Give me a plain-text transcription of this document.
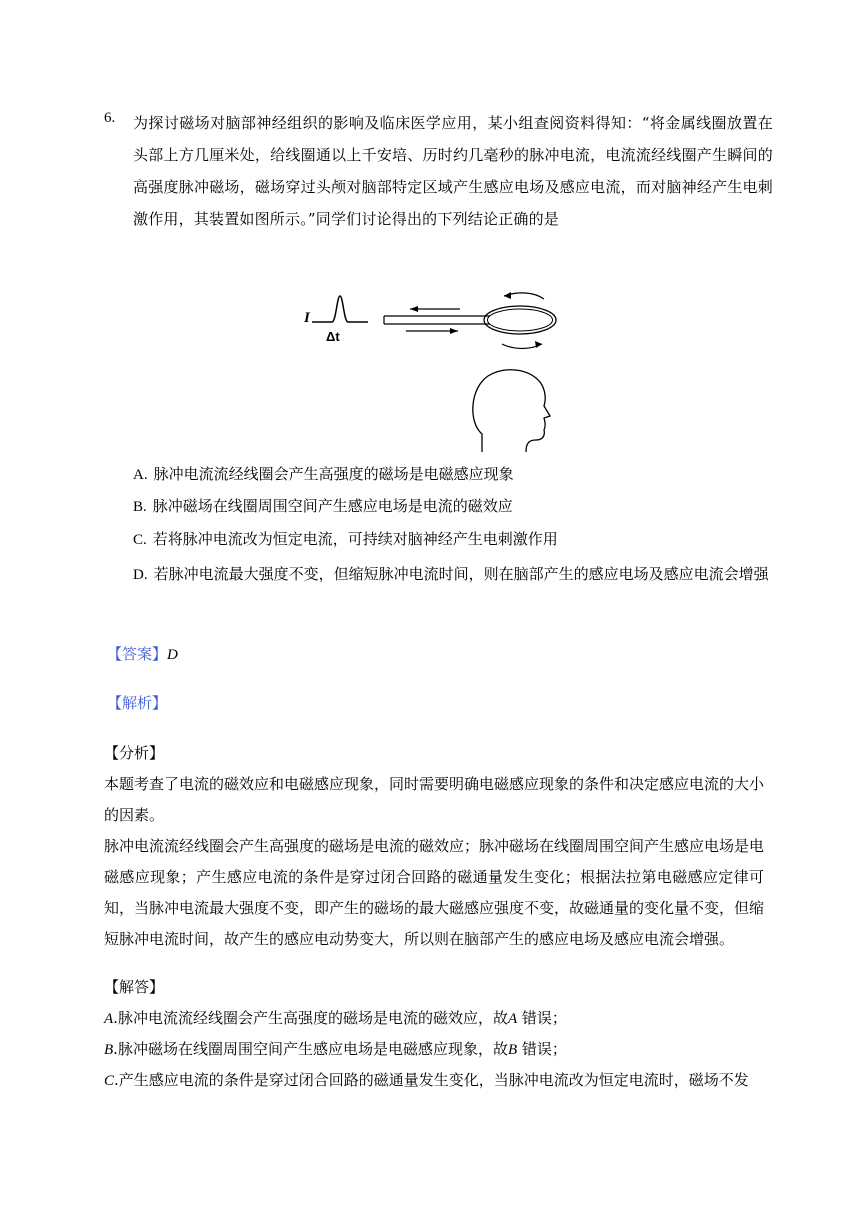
6. 为探讨磁场对脑部神经组织的影响及临床医学应用，某小组查阅资料得知：“将金属线圈放置在头部上方几厘米处，给线圈通以上千安培、历时约几毫秒的脉冲电流，电流流经线圈产生瞬间的高强度脉冲磁场，磁场穿过头颅对脑部特定区域产生感应电场及感应电流，而对脑神经产生电刺激作用，其装置如图所示。”同学们讨论得出的下列结论正确的是
I
Δt
A. 脉冲电流流经线圈会产生高强度的磁场是电磁感应现象
B. 脉冲磁场在线圈周围空间产生感应电场是电流的磁效应
C. 若将脉冲电流改为恒定电流，可持续对脑神经产生电刺激作用
D. 若脉冲电流最大强度不变，但缩短脉冲电流时间，则在脑部产生的感应电场及感应电流会增强
【答案】D
【解析】
【分析】
本题考查了电流的磁效应和电磁感应现象，同时需要明确电磁感应现象的条件和决定感应电流的大小的因素。
脉冲电流流经线圈会产生高强度的磁场是电流的磁效应；脉冲磁场在线圈周围空间产生感应电场是电磁感应现象；产生感应电流的条件是穿过闭合回路的磁通量发生变化；根据法拉第电磁感应定律可知，当脉冲电流最大强度不变，即产生的磁场的最大磁感应强度不变，故磁通量的变化量不变，但缩短脉冲电流时间，故产生的感应电动势变大，所以则在脑部产生的感应电场及感应电流会增强。
【解答】
A.脉冲电流流经线圈会产生高强度的磁场是电流的磁效应，故A 错误；
B.脉冲磁场在线圈周围空间产生感应电场是电磁感应现象，故B 错误；
C.产生感应电流的条件是穿过闭合回路的磁通量发生变化，当脉冲电流改为恒定电流时，磁场不发
